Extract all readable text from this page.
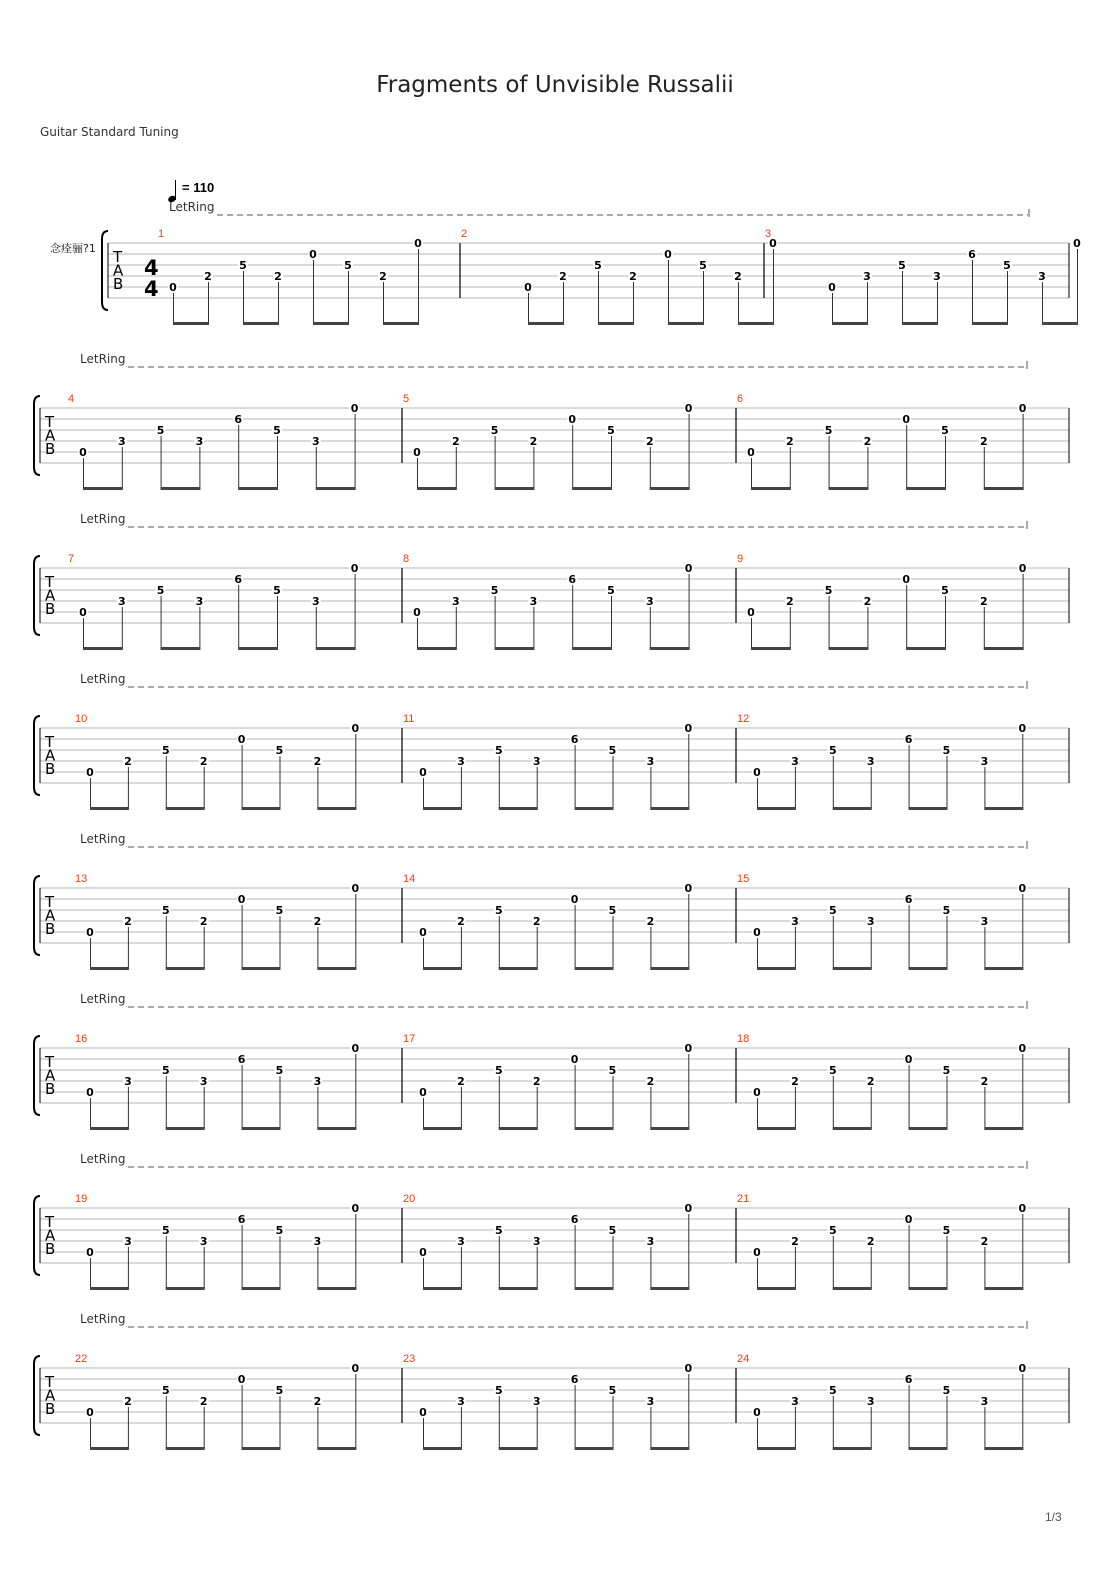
Fragments of Unvisible Russalii
Guitar Standard Tuning
= 110
LetRing
T
A
B
念痊骊?1
4
4
1
0
2
5
2
0
5
2
0
2
0
2
5
2
0
5
2
0
3
0
3
5
3
6
5
3
0
LetRing
T
A
B
4
0
3
5
3
6
5
3
0
5
0
2
5
2
0
5
2
0
6
0
2
5
2
0
5
2
0
LetRing
T
A
B
7
0
3
5
3
6
5
3
0
8
0
3
5
3
6
5
3
0
9
0
2
5
2
0
5
2
0
LetRing
T
A
B
10
0
2
5
2
0
5
2
0
11
0
3
5
3
6
5
3
0
12
0
3
5
3
6
5
3
0
LetRing
T
A
B
13
0
2
5
2
0
5
2
0
14
0
2
5
2
0
5
2
0
15
0
3
5
3
6
5
3
0
LetRing
T
A
B
16
0
3
5
3
6
5
3
0
17
0
2
5
2
0
5
2
0
18
0
2
5
2
0
5
2
0
LetRing
T
A
B
19
0
3
5
3
6
5
3
0
20
0
3
5
3
6
5
3
0
21
0
2
5
2
0
5
2
0
LetRing
T
A
B
22
0
2
5
2
0
5
2
0
23
0
3
5
3
6
5
3
0
24
0
3
5
3
6
5
3
0
1/3
